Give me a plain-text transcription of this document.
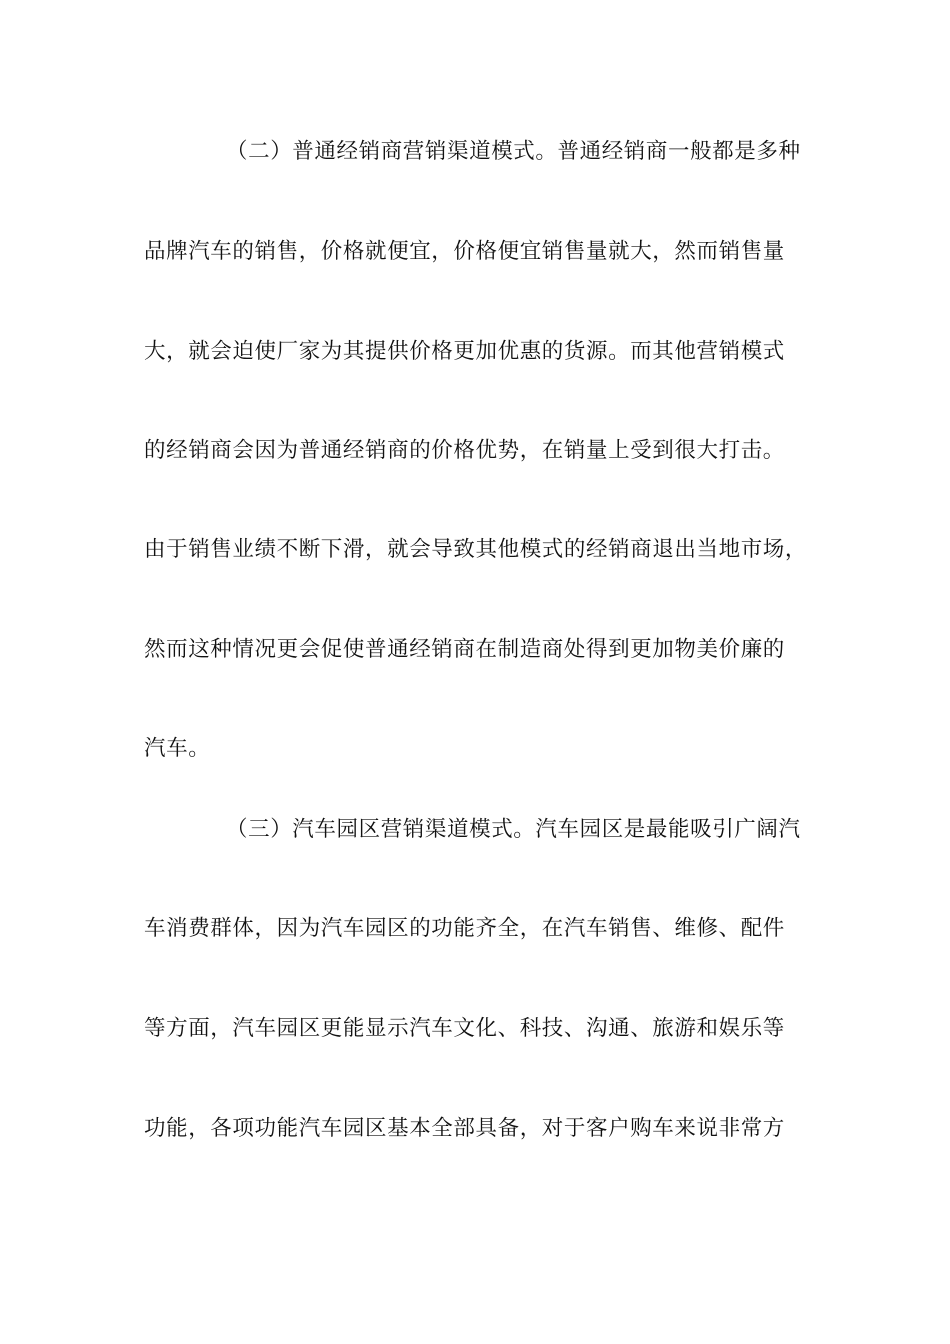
（二）普通经销商营销渠道模式。普通经销商一般都是多种
品牌汽车的销售，价格就便宜，价格便宜销售量就大，然而销售量
大，就会迫使厂家为其提供价格更加优惠的货源。而其他营销模式
的经销商会因为普通经销商的价格优势，在销量上受到很大打击。
由于销售业绩不断下滑，就会导致其他模式的经销商退出当地市场，
然而这种情况更会促使普通经销商在制造商处得到更加物美价廉的
汽车。
（三）汽车园区营销渠道模式。汽车园区是最能吸引广阔汽
车消费群体，因为汽车园区的功能齐全，在汽车销售、维修、配件
等方面，汽车园区更能显示汽车文化、科技、沟通、旅游和娱乐等
功能，各项功能汽车园区基本全部具备，对于客户购车来说非常方
